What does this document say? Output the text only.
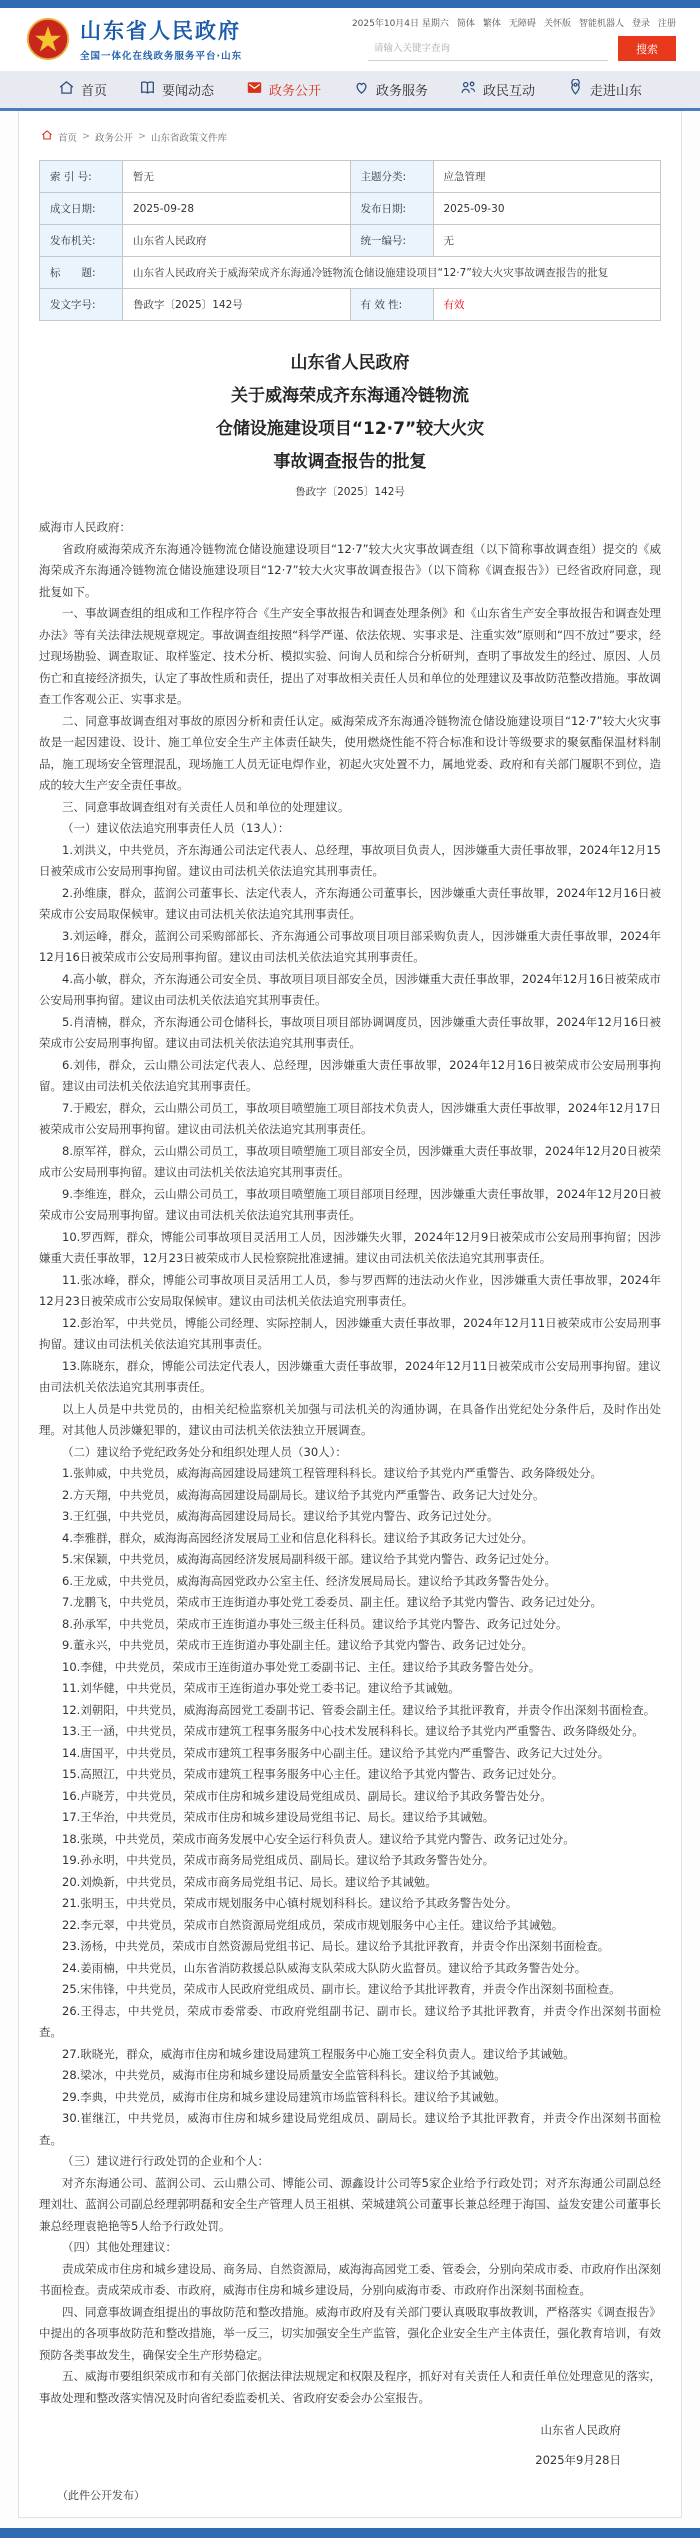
山东省人民政府
全国一体化在线政务服务平台·山东
2025年10月4日 星期六 简体 繁体 无障碍 关怀版 智能机器人 登录 注册
请输入关键字查询
搜索
首页	要闻动态	政务公开	政务服务	政民互动	走进山东
首页 > 政务公开 > 山东省政策文件库
索 引 号:	暂无	主题分类:	应急管理
成文日期:	2025-09-28	发布日期:	2025-09-30
发布机关:	山东省人民政府	统一编号:	无
标　　题:	山东省人民政府关于威海荣成齐东海通冷链物流仓储设施建设项目“12·7”较大火灾事故调查报告的批复		
发文字号:	鲁政字〔2025〕142号	有 效 性:	有效
山东省人民政府
关于威海荣成齐东海通冷链物流
仓储设施建设项目“12·7”较大火灾
事故调查报告的批复
鲁政字〔2025〕142号
威海市人民政府：

省政府威海荣成齐东海通冷链物流仓储设施建设项目“12·7”较大火灾事故调查组（以下简称事故调查组）提交的《威海荣成齐东海通冷链物流仓储设施建设项目“12·7”较大火灾事故调查报告》（以下简称《调查报告》）已经省政府同意，现批复如下。

一、事故调查组的组成和工作程序符合《生产安全事故报告和调查处理条例》和《山东省生产安全事故报告和调查处理办法》等有关法律法规规章规定。事故调查组按照“科学严谨、依法依规、实事求是、注重实效”原则和“四不放过”要求，经过现场勘验、调查取证、取样鉴定、技术分析、模拟实验、问询人员和综合分析研判，查明了事故发生的经过、原因、人员伤亡和直接经济损失，认定了事故性质和责任，提出了对事故相关责任人员和单位的处理建议及事故防范整改措施。事故调查工作客观公正、实事求是。

二、同意事故调查组对事故的原因分析和责任认定。威海荣成齐东海通冷链物流仓储设施建设项目“12·7”较大火灾事故是一起因建设、设计、施工单位安全生产主体责任缺失，使用燃烧性能不符合标准和设计等级要求的聚氨酯保温材料制品，施工现场安全管理混乱，现场施工人员无证电焊作业，初起火灾处置不力，属地党委、政府和有关部门履职不到位，造成的较大生产安全责任事故。

三、同意事故调查组对有关责任人员和单位的处理建议。

（一）建议依法追究刑事责任人员（13人）：

1.刘洪义，中共党员，齐东海通公司法定代表人、总经理，事故项目负责人，因涉嫌重大责任事故罪，2024年12月15日被荣成市公安局刑事拘留。建议由司法机关依法追究其刑事责任。

2.孙维康，群众，蓝润公司董事长、法定代表人，齐东海通公司董事长，因涉嫌重大责任事故罪，2024年12月16日被荣成市公安局取保候审。建议由司法机关依法追究其刑事责任。

3.刘运峰，群众，蓝润公司采购部部长、齐东海通公司事故项目项目部采购负责人，因涉嫌重大责任事故罪，2024年12月16日被荣成市公安局刑事拘留。建议由司法机关依法追究其刑事责任。

4.高小敏，群众，齐东海通公司安全员、事故项目项目部安全员，因涉嫌重大责任事故罪，2024年12月16日被荣成市公安局刑事拘留。建议由司法机关依法追究其刑事责任。

5.肖清楠，群众，齐东海通公司仓储科长，事故项目项目部协调调度员，因涉嫌重大责任事故罪，2024年12月16日被荣成市公安局刑事拘留。建议由司法机关依法追究其刑事责任。

6.刘伟，群众，云山鼎公司法定代表人、总经理，因涉嫌重大责任事故罪，2024年12月16日被荣成市公安局刑事拘留。建议由司法机关依法追究其刑事责任。

7.于殿宏，群众，云山鼎公司员工，事故项目喷塑施工项目部技术负责人，因涉嫌重大责任事故罪，2024年12月17日被荣成市公安局刑事拘留。建议由司法机关依法追究其刑事责任。

8.原军祥，群众，云山鼎公司员工，事故项目喷塑施工项目部安全员，因涉嫌重大责任事故罪，2024年12月20日被荣成市公安局刑事拘留。建议由司法机关依法追究其刑事责任。

9.李维连，群众，云山鼎公司员工，事故项目喷塑施工项目部项目经理，因涉嫌重大责任事故罪，2024年12月20日被荣成市公安局刑事拘留。建议由司法机关依法追究其刑事责任。

10.罗西辉，群众，博能公司事故项目灵活用工人员，因涉嫌失火罪，2024年12月9日被荣成市公安局刑事拘留；因涉嫌重大责任事故罪，12月23日被荣成市人民检察院批准逮捕。建议由司法机关依法追究其刑事责任。

11.张冰峰，群众，博能公司事故项目灵活用工人员，参与罗西辉的违法动火作业，因涉嫌重大责任事故罪，2024年12月23日被荣成市公安局取保候审。建议由司法机关依法追究刑事责任。

12.彭治军，中共党员，博能公司经理、实际控制人，因涉嫌重大责任事故罪，2024年12月11日被荣成市公安局刑事拘留。建议由司法机关依法追究其刑事责任。

13.陈晓东，群众，博能公司法定代表人，因涉嫌重大责任事故罪，2024年12月11日被荣成市公安局刑事拘留。建议由司法机关依法追究其刑事责任。

以上人员是中共党员的，由相关纪检监察机关加强与司法机关的沟通协调，在具备作出党纪处分条件后，及时作出处理。对其他人员涉嫌犯罪的，建议由司法机关依法独立开展调查。

（二）建议给予党纪政务处分和组织处理人员（30人）：

1.张帅威，中共党员，威海海高园建设局建筑工程管理科科长。建议给予其党内严重警告、政务降级处分。

2.方天翔，中共党员，威海海高园建设局副局长。建议给予其党内严重警告、政务记大过处分。

3.王红强，中共党员，威海海高园建设局局长。建议给予其党内警告、政务记过处分。

4.李雅群，群众，威海海高园经济发展局工业和信息化科科长。建议给予其政务记大过处分。

5.宋保颖，中共党员，威海海高园经济发展局副科级干部。建议给予其党内警告、政务记过处分。

6.王龙威，中共党员，威海海高园党政办公室主任、经济发展局局长。建议给予其政务警告处分。

7.龙鹏飞，中共党员，荣成市王连街道办事处党工委委员、副主任。建议给予其党内警告、政务记过处分。

8.孙承军，中共党员，荣成市王连街道办事处三级主任科员。建议给予其党内警告、政务记过处分。

9.董永兴，中共党员，荣成市王连街道办事处副主任。建议给予其党内警告、政务记过处分。

10.李健，中共党员，荣成市王连街道办事处党工委副书记、主任。建议给予其政务警告处分。

11.刘华健，中共党员，荣成市王连街道办事处党工委书记。建议给予其诫勉。

12.刘朝阳，中共党员，威海海高园党工委副书记、管委会副主任。建议给予其批评教育，并责令作出深刻书面检查。

13.王一涵，中共党员，荣成市建筑工程事务服务中心技术发展科科长。建议给予其党内严重警告、政务降级处分。

14.唐国平，中共党员，荣成市建筑工程事务服务中心副主任。建议给予其党内严重警告、政务记大过处分。

15.高照江，中共党员，荣成市建筑工程事务服务中心主任。建议给予其党内警告、政务记过处分。

16.卢晓芳，中共党员，荣成市住房和城乡建设局党组成员、副局长。建议给予其政务警告处分。

17.王华治，中共党员，荣成市住房和城乡建设局党组书记、局长。建议给予其诫勉。

18.张瑛，中共党员，荣成市商务发展中心安全运行科负责人。建议给予其党内警告、政务记过处分。

19.孙永明，中共党员，荣成市商务局党组成员、副局长。建议给予其政务警告处分。

20.刘焕新，中共党员，荣成市商务局党组书记、局长。建议给予其诫勉。

21.张明玉，中共党员，荣成市规划服务中心镇村规划科科长。建议给予其政务警告处分。

22.李元翠，中共党员，荣成市自然资源局党组成员，荣成市规划服务中心主任。建议给予其诫勉。

23.汤杨，中共党员，荣成市自然资源局党组书记、局长。建议给予其批评教育，并责令作出深刻书面检查。

24.姜雨楠，中共党员，山东省消防救援总队威海支队荣成大队防火监督员。建议给予其政务警告处分。

25.宋伟锋，中共党员，荣成市人民政府党组成员、副市长。建议给予其批评教育，并责令作出深刻书面检查。

26.王得志，中共党员，荣成市委常委、市政府党组副书记、副市长。建议给予其批评教育，并责令作出深刻书面检查。

27.耿晓光，群众，威海市住房和城乡建设局建筑工程服务中心施工安全科负责人。建议给予其诫勉。

28.梁冰，中共党员，威海市住房和城乡建设局质量安全监管科科长。建议给予其诫勉。

29.李典，中共党员，威海市住房和城乡建设局建筑市场监管科科长。建议给予其诫勉。

30.崔继江，中共党员，威海市住房和城乡建设局党组成员、副局长。建议给予其批评教育，并责令作出深刻书面检查。

（三）建议进行行政处罚的企业和个人：

对齐东海通公司、蓝润公司、云山鼎公司、博能公司、源鑫设计公司等5家企业给予行政处罚；对齐东海通公司副总经理刘壮、蓝润公司副总经理郭明磊和安全生产管理人员王祖棋、荣城建筑公司董事长兼总经理于海国、益发安建公司董事长兼总经理袁艳艳等5人给予行政处罚。

（四）其他处理建议：

责成荣成市住房和城乡建设局、商务局、自然资源局，威海海高园党工委、管委会，分别向荣成市委、市政府作出深刻书面检查。责成荣成市委、市政府，威海市住房和城乡建设局，分别向威海市委、市政府作出深刻书面检查。

四、同意事故调查组提出的事故防范和整改措施。威海市政府及有关部门要认真吸取事故教训，严格落实《调查报告》中提出的各项事故防范和整改措施，举一反三，切实加强安全生产监管，强化企业安全生产主体责任，强化教育培训，有效预防各类事故发生，确保安全生产形势稳定。

五、威海市要组织荣成市和有关部门依据法律法规规定和权限及程序，抓好对有关责任人和责任单位处理意见的落实，事故处理和整改落实情况及时向省纪委监委机关、省政府安委会办公室报告。

山东省人民政府
2025年9月28日
（此件公开发布）
